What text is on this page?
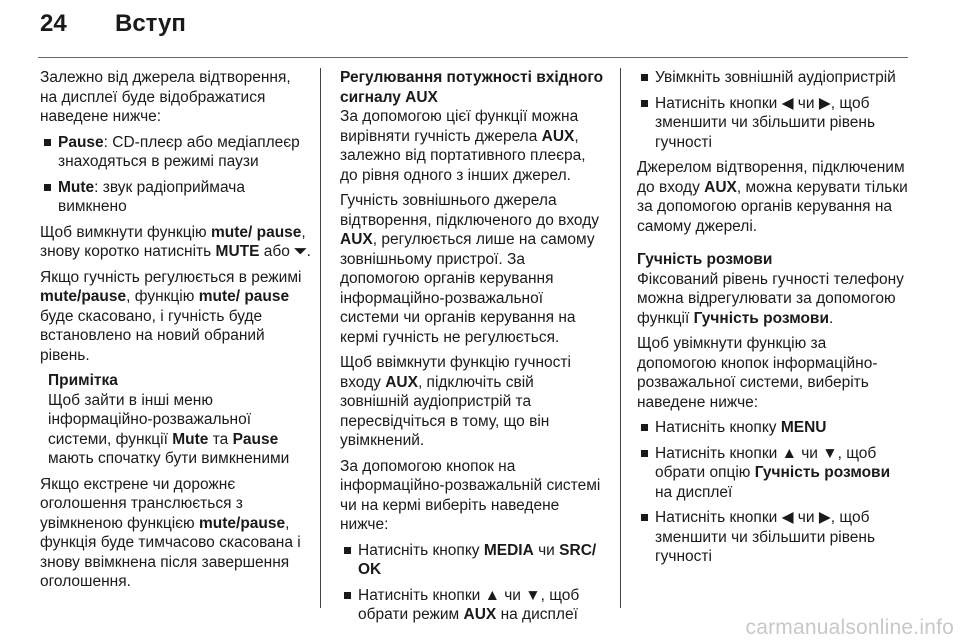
24	Вступ

Залежно від джерела відтворення, на дисплеї буде відображатися наведене нижче:

Pause: CD-плеєр або медіаплеєр знаходяться в режимі паузи
Mute: звук радіоприймача вимкнено

Щоб вимкнути функцію mute/ pause, знову коротко натисніть MUTE або ⏷.

Якщо гучність регулюється в режимі mute/pause, функцію mute/ pause буде скасовано, і гучність буде встановлено на новий обраний рівень.

Примітка
Щоб зайти в інші меню інформаційно-розважальної системи, функції Mute та Pause мають спочатку бути вимкненими

Якщо екстрене чи дорожнє оголошення транслюється з увімкненою функцією mute/pause, функція буде тимчасово скасована і знову ввімкнена після завершення оголошення.

Регулювання потужності вхідного сигналу AUX

За допомогою цієї функції можна вирівняти гучність джерела AUX, залежно від портативного плеєра, до рівня одного з інших джерел.

Гучність зовнішнього джерела відтворення, підключеного до входу AUX, регулюється лише на самому зовнішньому пристрої. За допомогою органів керування інформаційно-розважальної системи чи органів керування на кермі гучність не регулюється.

Щоб ввімкнути функцію гучності входу AUX, підключіть свій зовнішній аудіопристрій та пересвідчіться в тому, що він увімкнений.

За допомогою кнопок на інформаційно-розважальній системі чи на кермі виберіть наведене нижче:

Натисніть кнопку MEDIA чи SRC/ OK
Натисніть кнопки ▲ чи ▼, щоб обрати режим AUX на дисплеї
Увімкніть зовнішній аудіопристрій
Натисніть кнопки ◀ чи ▶, щоб зменшити чи збільшити рівень гучності

Джерелом відтворення, підключеним до входу AUX, можна керувати тільки за допомогою органів керування на самому джерелі.

Гучність розмови

Фіксований рівень гучності телефону можна відрегулювати за допомогою функції Гучність розмови.

Щоб увімкнути функцію за допомогою кнопок інформаційно-розважальної системи, виберіть наведене нижче:

Натисніть кнопку MENU
Натисніть кнопки ▲ чи ▼, щоб обрати опцію Гучність розмови на дисплеї
Натисніть кнопки ◀ чи ▶, щоб зменшити чи збільшити рівень гучності
carmanualsonline.info
